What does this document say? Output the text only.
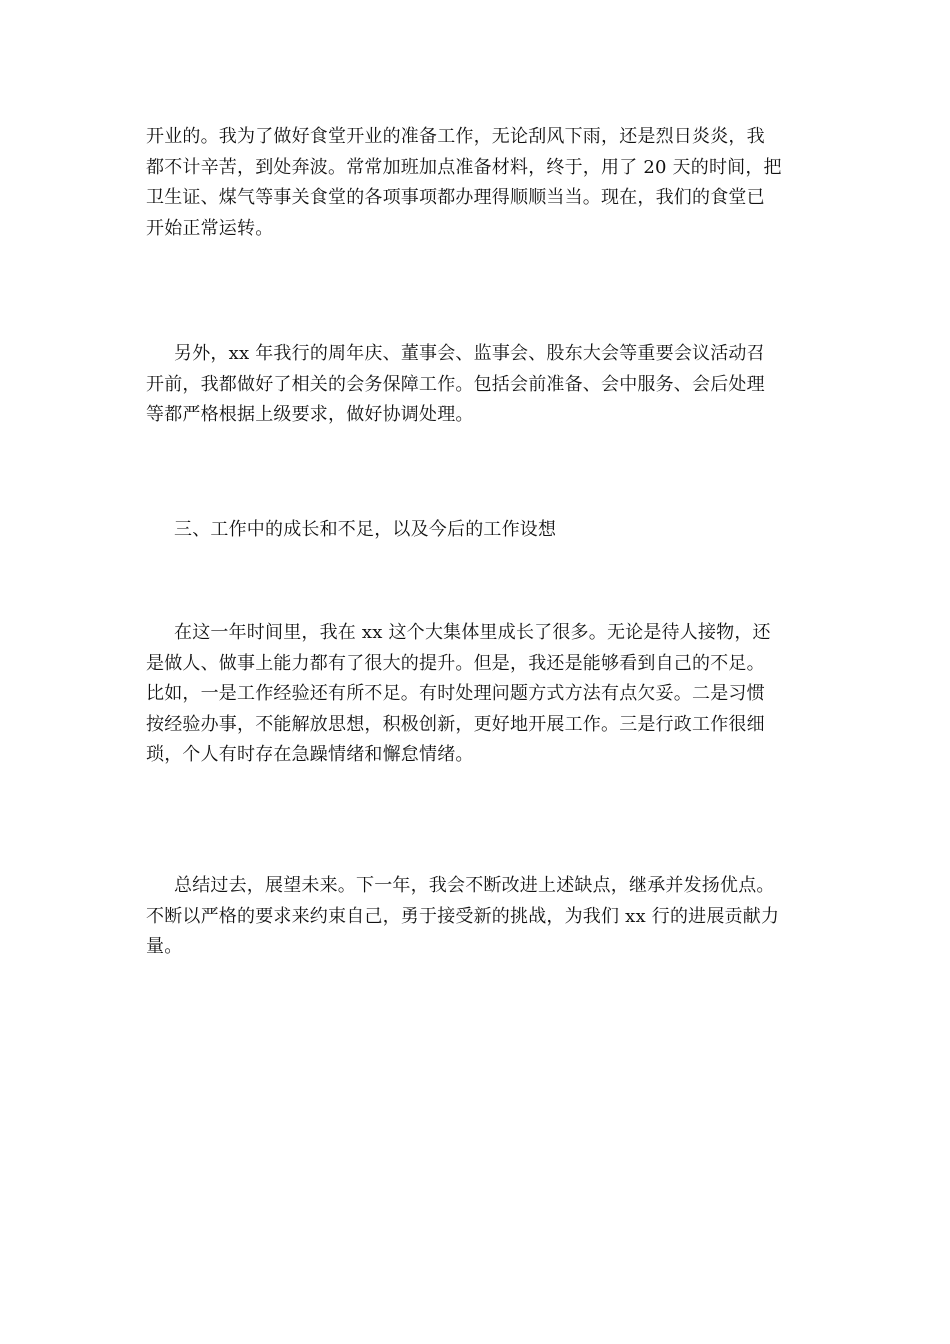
开业的。我为了做好食堂开业的准备工作，无论刮风下雨，还是烈日炎炎，我
都不计辛苦，到处奔波。常常加班加点准备材料，终于，用了 20 天的时间，把
卫生证、煤气等事关食堂的各项事项都办理得顺顺当当。现在，我们的食堂已
开始正常运转。
另外，xx 年我行的周年庆、董事会、监事会、股东大会等重要会议活动召
开前，我都做好了相关的会务保障工作。包括会前准备、会中服务、会后处理
等都严格根据上级要求，做好协调处理。
三、工作中的成长和不足，以及今后的工作设想
在这一年时间里，我在 xx 这个大集体里成长了很多。无论是待人接物，还
是做人、做事上能力都有了很大的提升。但是，我还是能够看到自己的不足。
比如，一是工作经验还有所不足。有时处理问题方式方法有点欠妥。二是习惯
按经验办事，不能解放思想，积极创新，更好地开展工作。三是行政工作很细
琐，个人有时存在急躁情绪和懈怠情绪。
总结过去，展望未来。下一年，我会不断改进上述缺点，继承并发扬优点。
不断以严格的要求来约束自己，勇于接受新的挑战，为我们 xx 行的进展贡献力
量。
